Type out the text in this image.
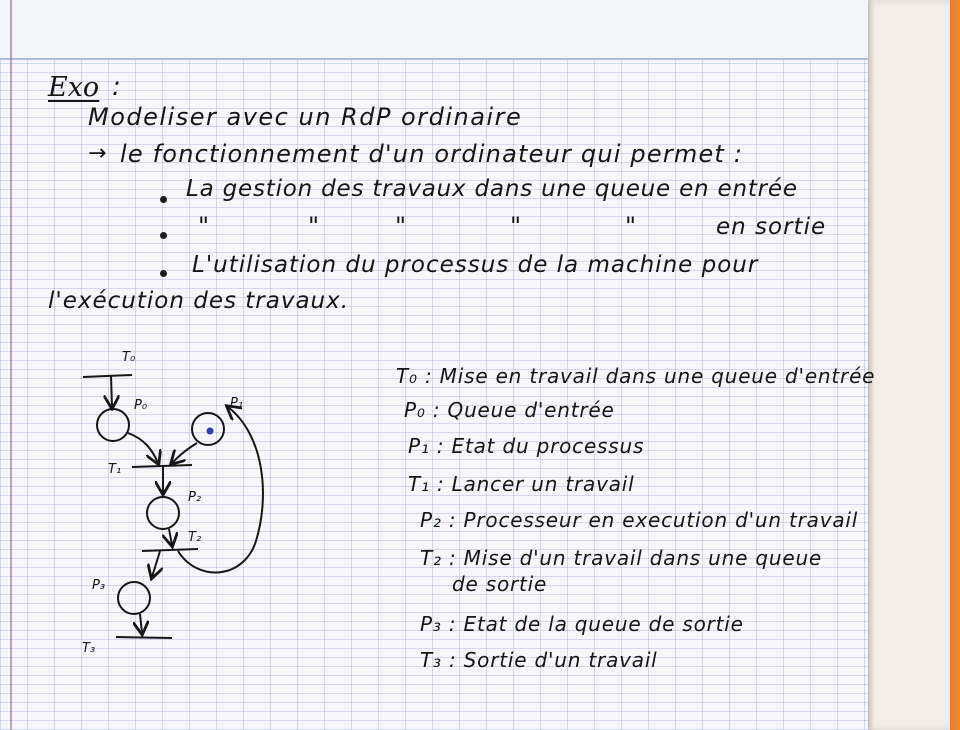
Exo :
Modeliser avec un RdP ordinaire
→ le fonctionnement d'un ordinateur qui permet :
La gestion des travaux dans une queue en entrée
"	"	"	"	"	en sortie
L'utilisation du processus de la machine pour
l'exécution des travaux.
T₀
P₀	P₁
T₁
P₂
T₂
P₃
T₃
T₀ : Mise en travail dans une queue d'entrée
P₀ : Queue d'entrée
P₁ : Etat du processus
T₁ : Lancer un travail
P₂ : Processeur en execution d'un travail
T₂ : Mise d'un travail dans une queue
de sortie
P₃ : Etat de la queue de sortie
T₃ : Sortie d'un travail
